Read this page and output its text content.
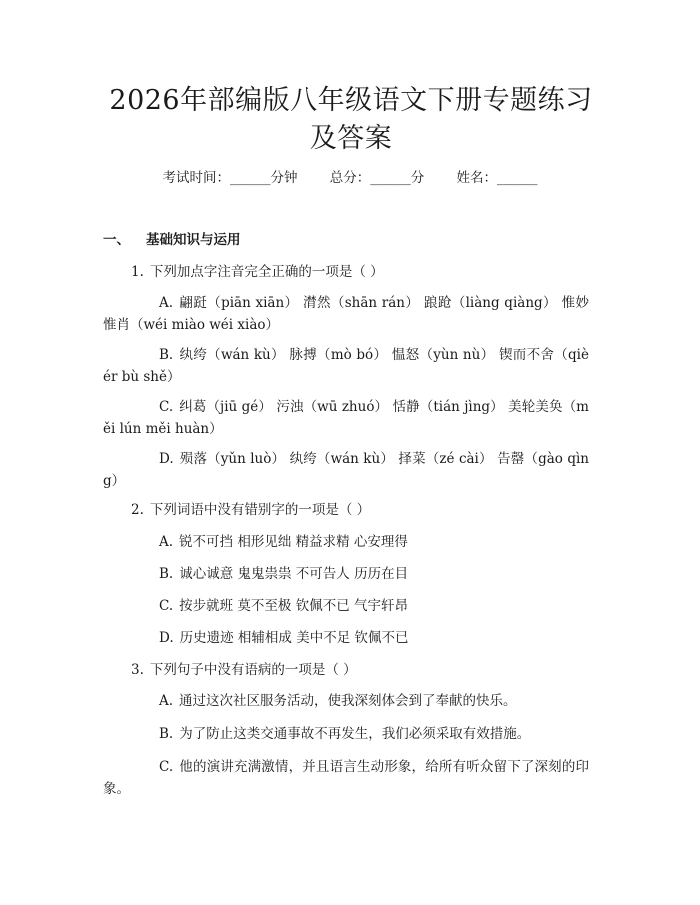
2026年部编版八年级语文下册专题练习及答案
考试时间：______分钟 总分：______分 姓名：______
一、 基础知识与运用
1. 下列加点字注音完全正确的一项是（ ）
A. 翩跹（piān xiān） 潸然（shān rán） 踉跄（liàng qiàng） 惟妙惟肖（wéi miào wéi xiào）
B. 纨绔（wán kù） 脉搏（mò bó） 愠怒（yùn nù） 锲而不舍（qiè ér bù shě）
C. 纠葛（jiū gé） 污浊（wū zhuó） 恬静（tián jìng） 美轮美奂（měi lún měi huàn）
D. 殒落（yǔn luò） 纨绔（wán kù） 择菜（zé cài） 告罄（gào qìng）
2. 下列词语中没有错别字的一项是（ ）
A. 锐不可挡 相形见绌 精益求精 心安理得
B. 诚心诚意 鬼鬼祟祟 不可告人 历历在目
C. 按步就班 莫不至极 钦佩不已 气宇轩昂
D. 历史遗迹 相辅相成 美中不足 钦佩不已
3. 下列句子中没有语病的一项是（ ）
A. 通过这次社区服务活动，使我深刻体会到了奉献的快乐。
B. 为了防止这类交通事故不再发生，我们必须采取有效措施。
C. 他的演讲充满激情，并且语言生动形象，给所有听众留下了深刻的印象。
